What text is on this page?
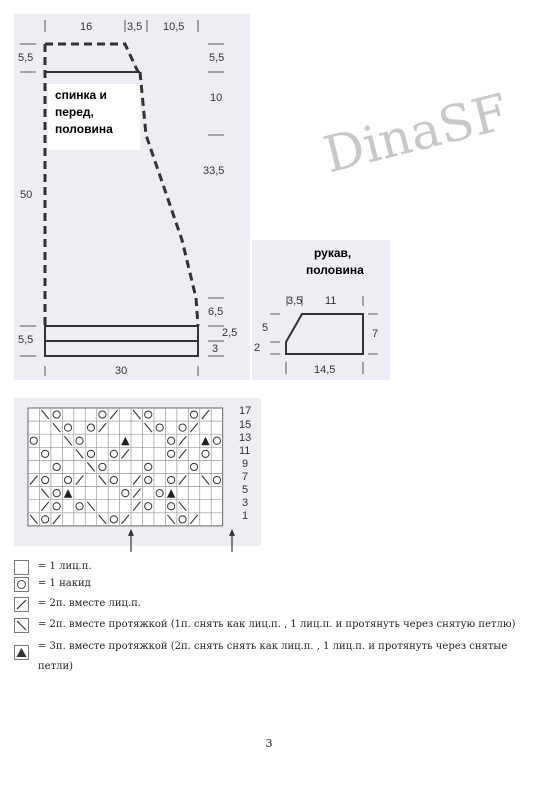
спинка и
перед,
половина
16	3,5 10,5
5,5
50
5,5
5,5
10
33,5
6,5
2,5
3
30
DinaSF
рукав,
половина
3,5 11
5
2
7
14,5
17
15
13
11
9
7
5
3
1
= 1 лиц.п.
= 1 накид
= 2п. вместе лиц.п.
= 2п. вместе протяжкой (1п. снять как лиц.п. , 1 лиц.п. и протянуть через снятую петлю)
= 3п. вместе протяжкой (2п. снять снять как лиц.п. , 1 лиц.п. и протянуть через снятые петли)
3
